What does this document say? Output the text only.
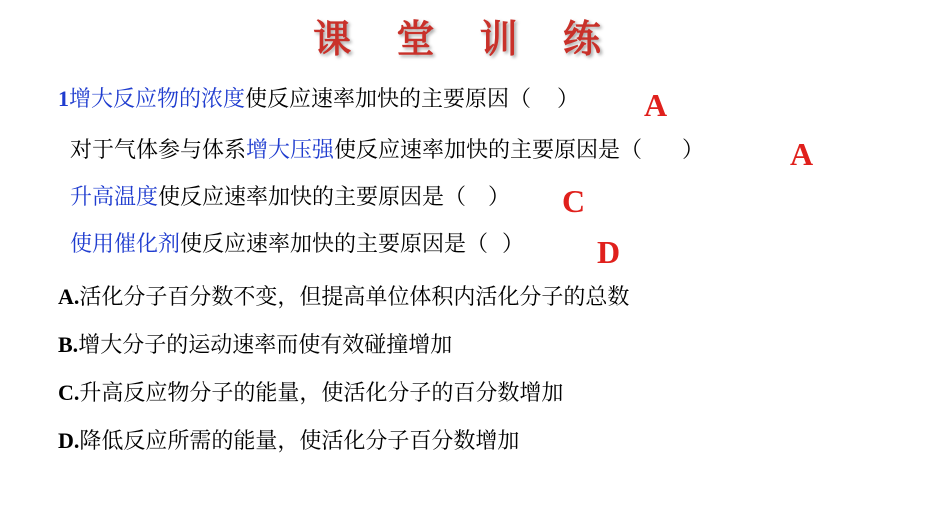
课 堂 训 练
1增大反应物的浓度使反应速率加快的主要原因（ ） A
对于气体参与体系增大压强使反应速率加快的主要原因是（ ）	A
升高温度使反应速率加快的主要原因是（ ） C
使用催化剂使反应速率加快的主要原因是（ ） D
A.活化分子百分数不变，但提高单位体积内活化分子的总数
B.增大分子的运动速率而使有效碰撞增加
C.升高反应物分子的能量，使活化分子的百分数增加
D.降低反应所需的能量，使活化分子百分数增加
